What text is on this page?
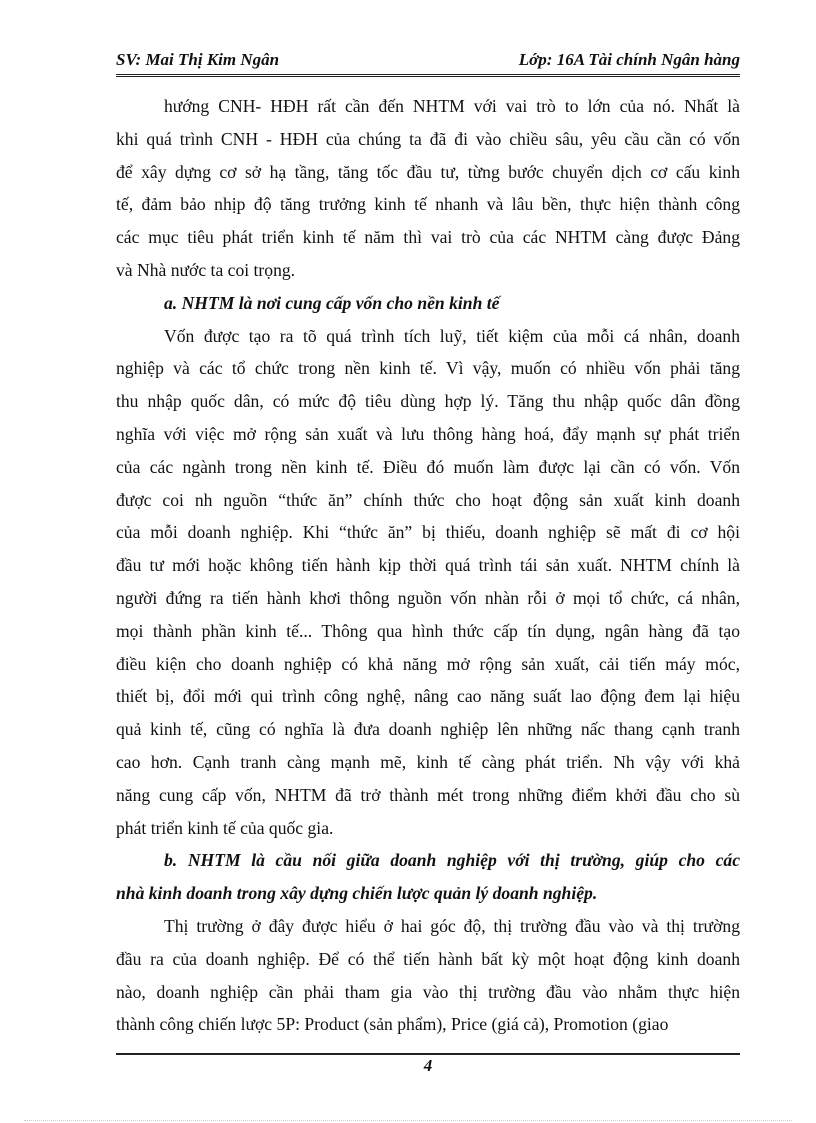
SV: Mai Thị Kim Ngân	Lớp: 16A Tài chính Ngân hàng
hướng CNH- HĐH rất cần đến NHTM với vai trò to lớn của nó. Nhất là
khi quá trình CNH - HĐH của chúng ta đã đi vào chiều sâu, yêu cầu cần có vốn
để xây dựng cơ sở hạ tầng, tăng tốc đầu tư, từng bước chuyển dịch cơ cấu kinh
tế, đảm bảo nhịp độ tăng trưởng kinh tế nhanh và lâu bền, thực hiện thành công
các mục tiêu phát triển kinh tế năm thì vai trò của các NHTM càng được Đảng
và Nhà nước ta coi trọng.
a. NHTM là nơi cung cấp vốn cho nền kinh tế
Vốn được tạo ra tõ quá trình tích luỹ, tiết kiệm của mỗi cá nhân, doanh
nghiệp và các tổ chức trong nền kinh tế. Vì vậy, muốn có nhiều vốn phải tăng
thu nhập quốc dân, có mức độ tiêu dùng hợp lý. Tăng thu nhập quốc dân đồng
nghĩa với việc mở rộng sản xuất và lưu thông hàng hoá, đẩy mạnh sự phát triển
của các ngành trong nền kinh tế. Điều đó muốn làm được lại cần có vốn. Vốn
được coi nh nguồn “thức ăn” chính thức cho hoạt động sản xuất kinh doanh
của mỗi doanh nghiệp. Khi “thức ăn” bị thiếu, doanh nghiệp sẽ mất đi cơ hội
đầu tư mới hoặc không tiến hành kịp thời quá trình tái sản xuất. NHTM chính là
người đứng ra tiến hành khơi thông nguồn vốn nhàn rỗi ở mọi tổ chức, cá nhân,
mọi thành phần kinh tế... Thông qua hình thức cấp tín dụng, ngân hàng đã tạo
điều kiện cho doanh nghiệp có khả năng mở rộng sản xuất, cải tiến máy móc,
thiết bị, đổi mới qui trình công nghệ, nâng cao năng suất lao động đem lại hiệu
quả kinh tế, cũng có nghĩa là đưa doanh nghiệp lên những nấc thang cạnh tranh
cao hơn. Cạnh tranh càng mạnh mẽ, kinh tế càng phát triển. Nh vậy với khả
năng cung cấp vốn, NHTM đã trở thành mét trong những điểm khởi đầu cho sù
phát triển kinh tế của quốc gia.
b. NHTM là cầu nối giữa doanh nghiệp với thị trường, giúp cho các
nhà kinh doanh trong xây dựng chiến lược quản lý doanh nghiệp.
Thị trường ở đây được hiểu ở hai góc độ, thị trường đầu vào và thị trường
đầu ra của doanh nghiệp. Để có thể tiến hành bất kỳ một hoạt động kinh doanh
nào, doanh nghiệp cần phải tham gia vào thị trường đầu vào nhằm thực hiện
thành công chiến lược 5P: Product (sản phẩm), Price (giá cả), Promotion (giao
4
